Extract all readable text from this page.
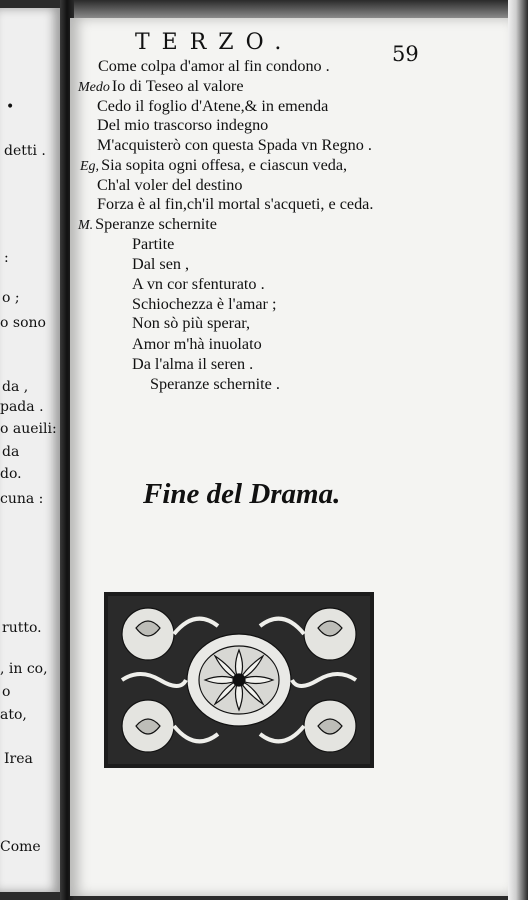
•
detti .
:
o ;
o sono
da ,
pada .
o aueili:
da
do.
cuna :
rutto.
, in co,
o
ato,
Irea
Come
TERZO.	59
Come colpa d'amor al fin condono .
Medo Io di Teseo al valore
Cedo il foglio d'Atene,& in emenda
Del mio trascorso indegno
M'acquisterò con questa Spada vn Regno .
Eg, Sia sopita ogni offesa, e ciascun veda,
Ch'al voler del destino
Forza è al fin,ch'il mortal s'acqueti, e ceda.
M. Speranze schernite
Partite
Dal sen ,
A vn cor sfenturato .
Schiochezza è l'amar ;
Non sò più sperar,
Amor m'hà inuolato
Da l'alma il seren .
Speranze schernite .
Fine del Drama.
